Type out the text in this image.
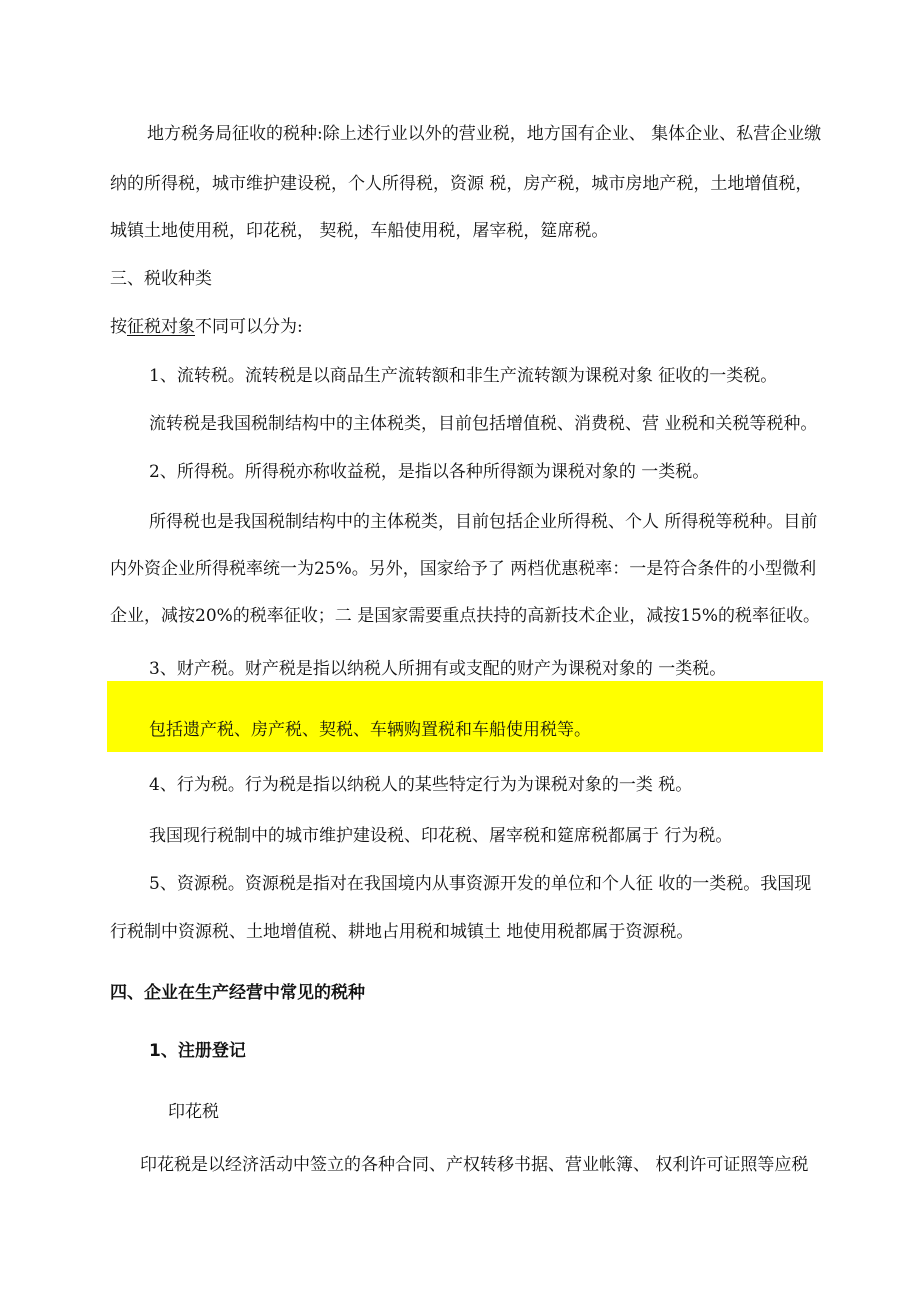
地方税务局征收的税种:除上述行业以外的营业税，地方国有企业、 集体企业、私营企业缴

纳的所得税，城市维护建设税，个人所得税，资源 税，房产税，城市房地产税，土地增值税，

城镇土地使用税，印花税， 契税，车船使用税，屠宰税，筵席税。

三、税收种类

按征税对象不同可以分为:

1、流转税。流转税是以商品生产流转额和非生产流转额为课税对象 征收的一类税。

流转税是我国税制结构中的主体税类，目前包括增值税、消费税、营 业税和关税等税种。

2、所得税。所得税亦称收益税，是指以各种所得额为课税对象的 一类税。

所得税也是我国税制结构中的主体税类，目前包括企业所得税、个人 所得税等税种。目前

内外资企业所得税率统一为25%。另外，国家给予了 两档优惠税率：一是符合条件的小型微利

企业，减按20%的税率征收；二 是国家需要重点扶持的高新技术企业，减按15%的税率征收。

3、财产税。财产税是指以纳税人所拥有或支配的财产为课税对象的 一类税。

包括遗产税、房产税、契税、车辆购置税和车船使用税等。

4、行为税。行为税是指以纳税人的某些特定行为为课税对象的一类 税。

我国现行税制中的城市维护建设税、印花税、屠宰税和筵席税都属于 行为税。

5、资源税。资源税是指对在我国境内从事资源开发的单位和个人征 收的一类税。我国现

行税制中资源税、土地增值税、耕地占用税和城镇土 地使用税都属于资源税。

四、企业在生产经营中常见的税种

1、注册登记

印花税

印花税是以经济活动中签立的各种合同、产权转移书据、营业帐簿、 权利许可证照等应税
